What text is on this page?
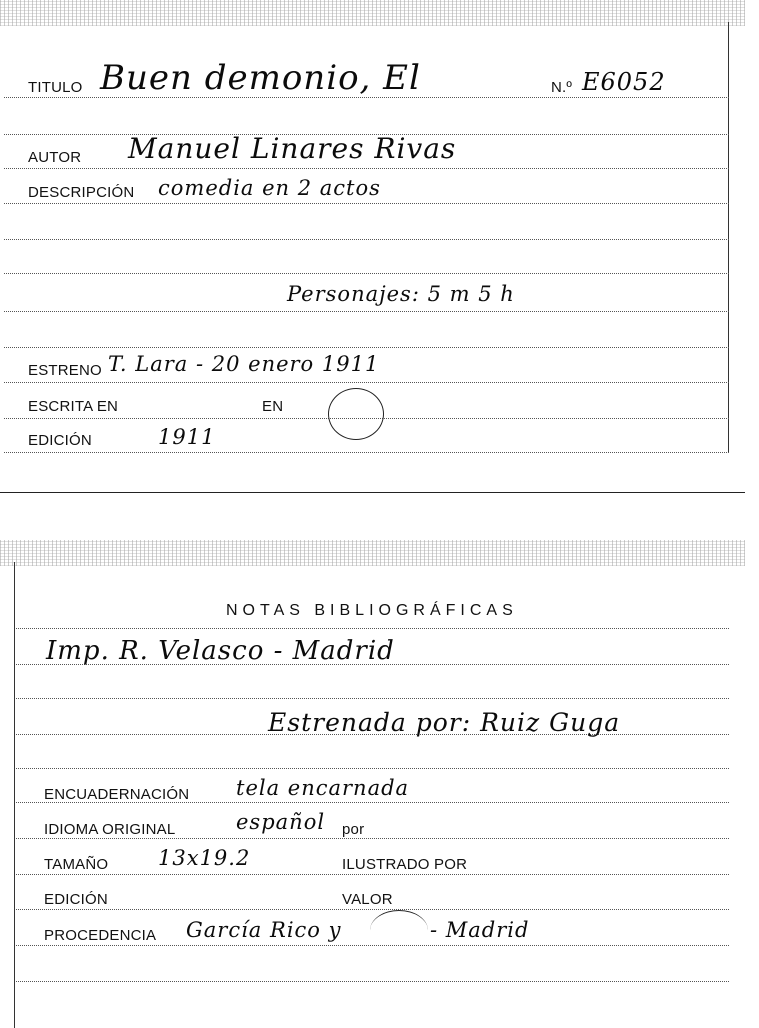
TITULO Buen demonio, El	N.º E6052
AUTOR Manuel Linares Rivas
DESCRIPCIÓN comedia en 2 actos
Personajes: 5 m 5 h
ESTRENO T. Lara - 20 enero 1911
ESCRITA EN	EN
EDICIÓN	1911
NOTAS BIBLIOGRÁFICAS
Imp. R. Velasco - Madrid
Estrenada por: Ruiz Guga
ENCUADERNACIÓN tela encarnada
IDIOMA ORIGINAL	español por
TAMAÑO 13x19.2	ILUSTRADO POR
EDICIÓN	VALOR
PROCEDENCIA García Rico y	- Madrid
